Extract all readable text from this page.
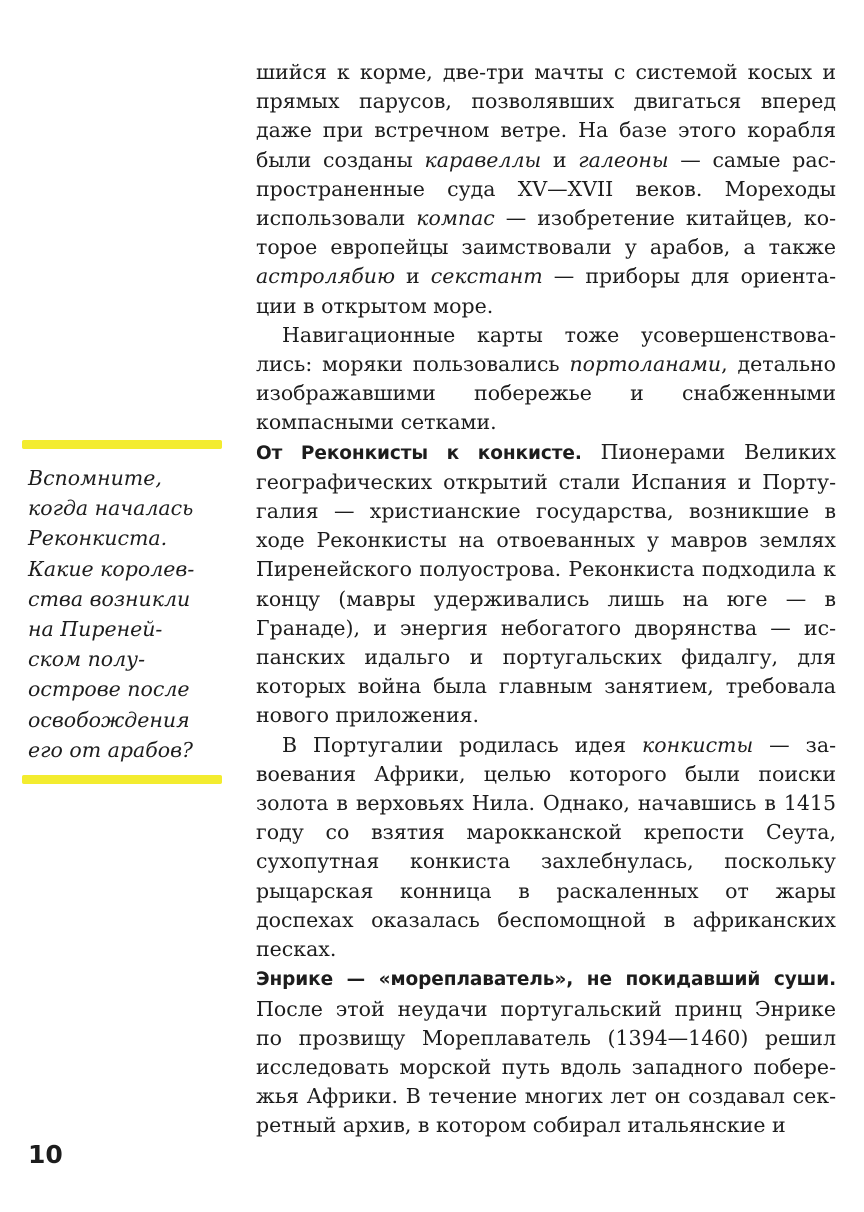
Вспомните,
когда началась
Реконкиста.
Какие королев-
ства возникли
на Пиреней-
ском полу-
острове после
освобождения
его от арабов?

шийся к корме, две-три мачты с системой косых и прямых парусов, позволявших двигаться вперед даже при встречном ветре. На базе этого корабля были созданы каравеллы и галеоны — самые распространенные суда XV—XVII веков. Мореходы использовали компас — изобретение китайцев, которое европейцы заимствовали у арабов, а также астролябию и секстант — приборы для ориентации в открытом море.

Навигационные карты тоже усовершенствовались: моряки пользовались портоланами, детально изображавшими побережье и снабженными компасными сетками.

От Реконкисты к конкисте. Пионерами Великих географических открытий стали Испания и Португалия — христианские государства, возникшие в ходе Реконкисты на отвоеванных у мавров землях Пиренейского полуострова. Реконкиста подходила к концу (мавры удерживались лишь на юге — в Гранаде), и энергия небогатого дворянства — испанских идальго и португальских фидалгу, для которых война была главным занятием, требовала нового приложения.

В Португалии родилась идея конкисты — завоевания Африки, целью которого были поиски золота в верховьях Нила. Однако, начавшись в 1415 году со взятия марокканской крепости Сеута, сухопутная конкиста захлебнулась, поскольку рыцарская конница в раскаленных от жары доспехах оказалась беспомощной в африканских песках.

Энрике — «мореплаватель», не покидавший суши. После этой неудачи португальский принц Энрике по прозвищу Мореплаватель (1394—1460) решил исследовать морской путь вдоль западного побережья Африки. В течение многих лет он создавал секретный архив, в котором собирал итальянские и

10
